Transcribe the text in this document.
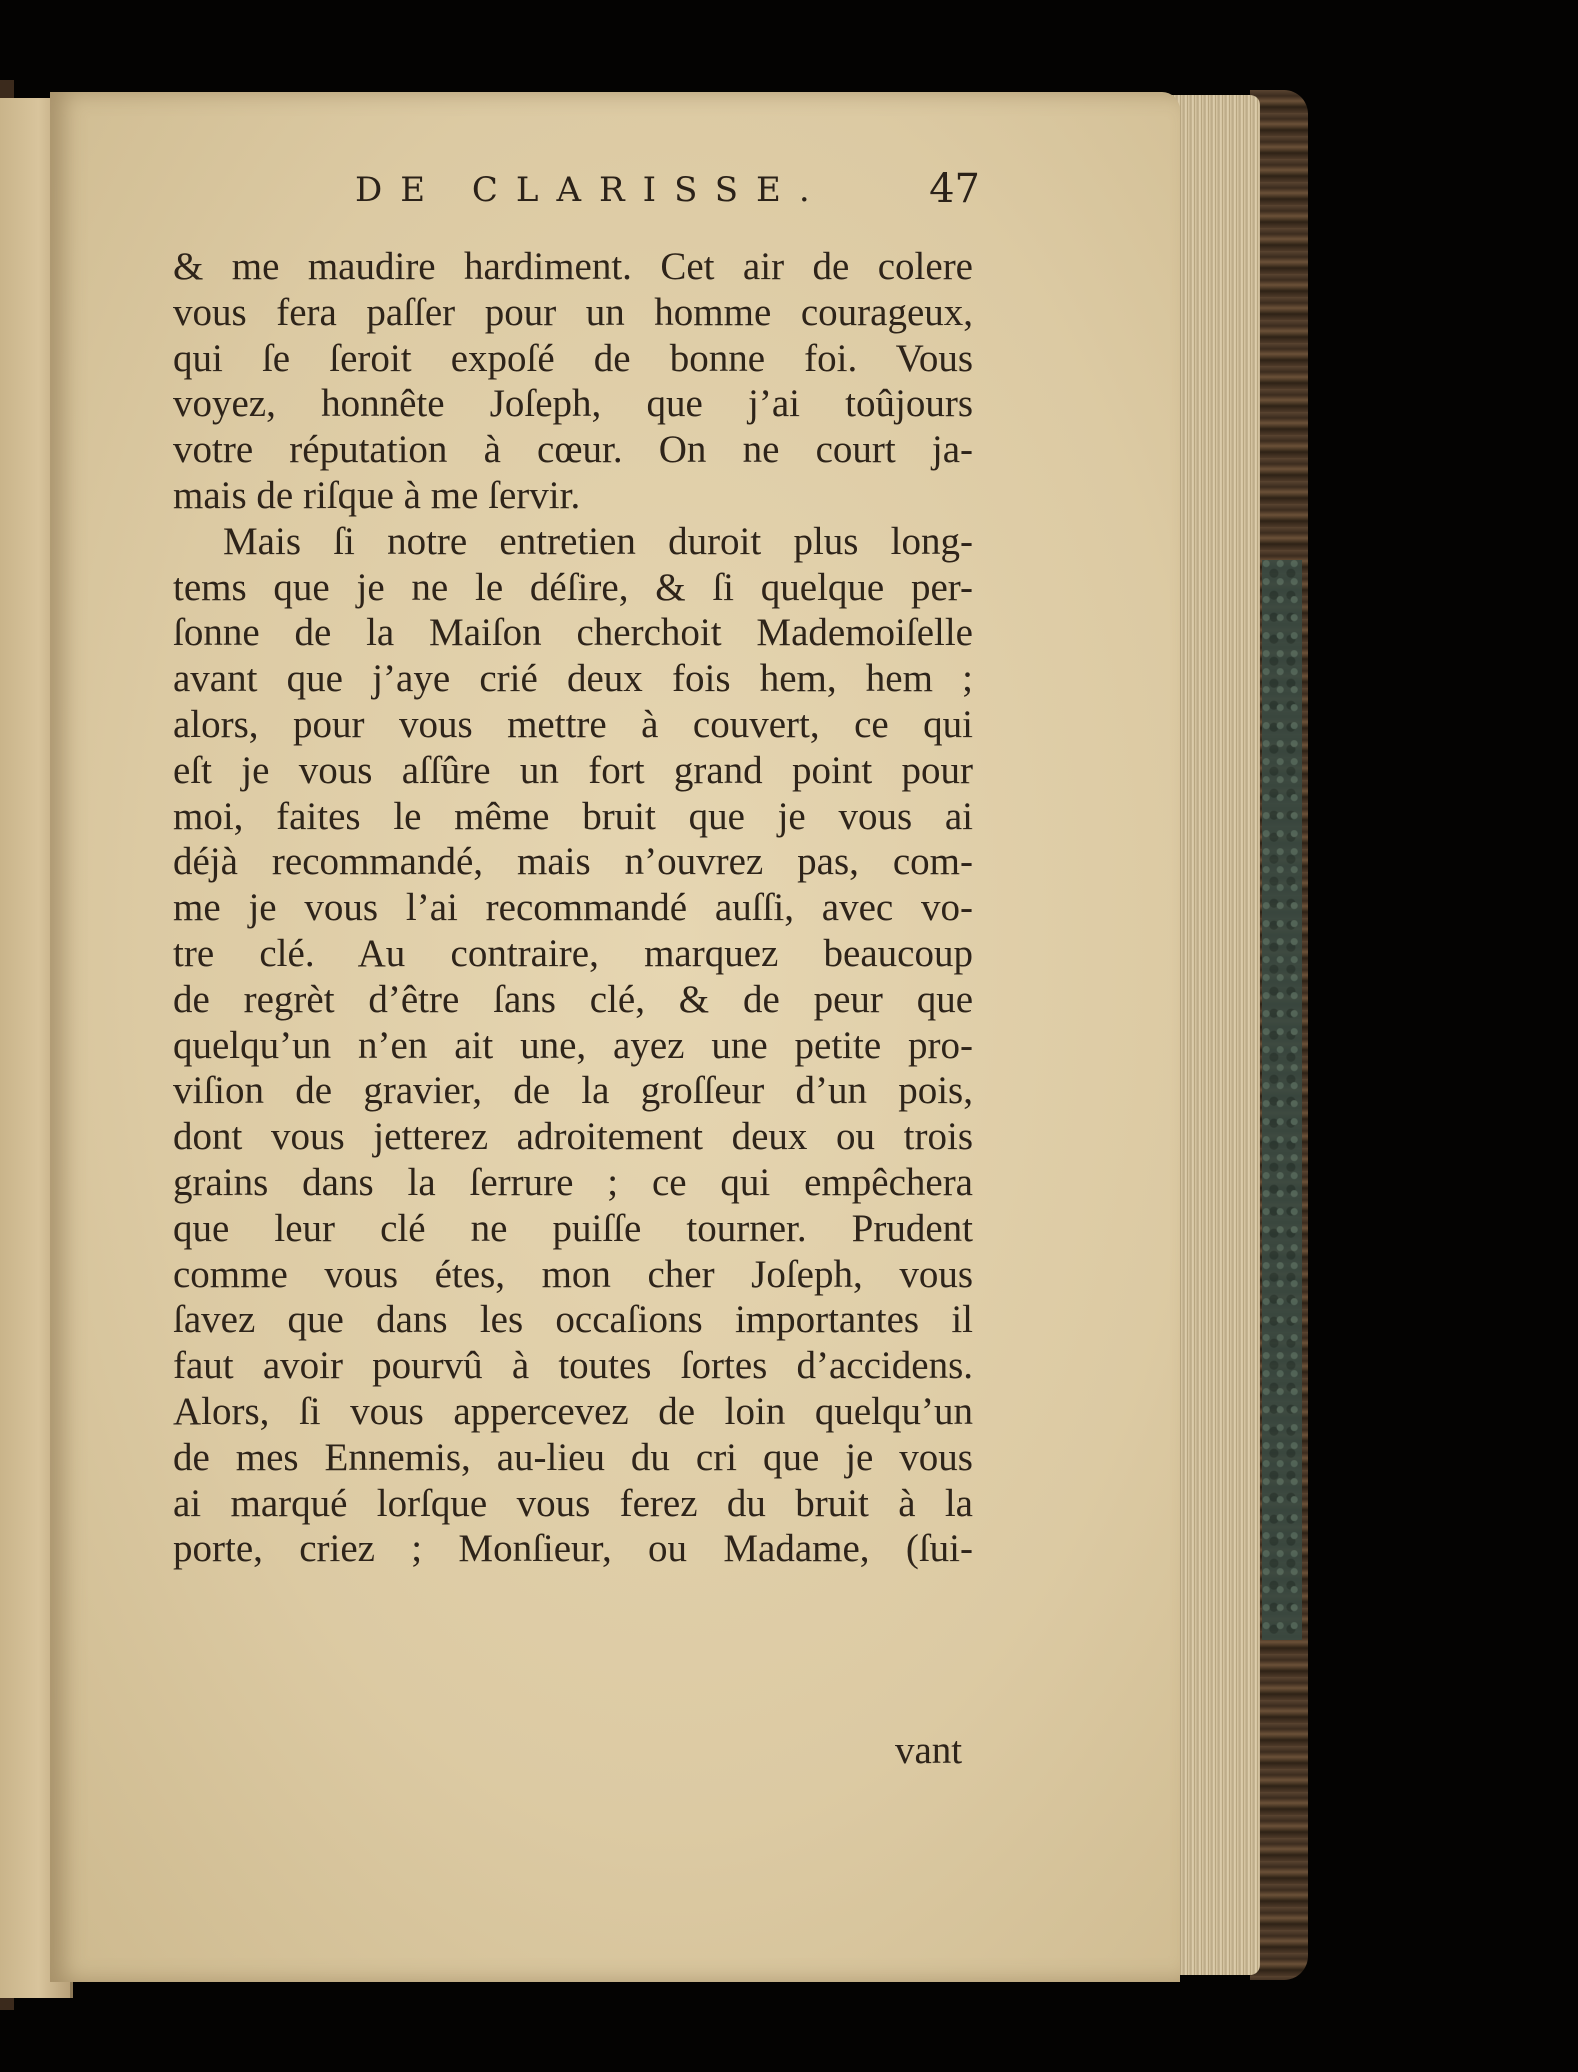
DE CLARISSE.	47
& me maudire hardiment. Cet air de colere
vous fera paſſer pour un homme courageux,
qui ſe ſeroit expoſé de bonne foi. Vous
voyez, honnête Joſeph, que j’ai toûjours
votre réputation à cœur. On ne court ja-
mais de riſque à me ſervir.
Mais ſi notre entretien duroit plus long-
tems que je ne le déſire, & ſi quelque per-
ſonne de la Maiſon cherchoit Mademoiſelle
avant que j’aye crié deux fois hem, hem ;
alors, pour vous mettre à couvert, ce qui
eſt je vous aſſûre un fort grand point pour
moi, faites le même bruit que je vous ai
déjà recommandé, mais n’ouvrez pas, com-
me je vous l’ai recommandé auſſi, avec vo-
tre clé. Au contraire, marquez beaucoup
de regrèt d’être ſans clé, & de peur que
quelqu’un n’en ait une, ayez une petite pro-
viſion de gravier, de la groſſeur d’un pois,
dont vous jetterez adroitement deux ou trois
grains dans la ſerrure ; ce qui empêchera
que leur clé ne puiſſe tourner. Prudent
comme vous étes, mon cher Joſeph, vous
ſavez que dans les occaſions importantes il
faut avoir pourvû à toutes ſortes d’accidens.
Alors, ſi vous appercevez de loin quelqu’un
de mes Ennemis, au-lieu du cri que je vous
ai marqué lorſque vous ferez du bruit à la
porte, criez ; Monſieur, ou Madame, (ſui-
vant
